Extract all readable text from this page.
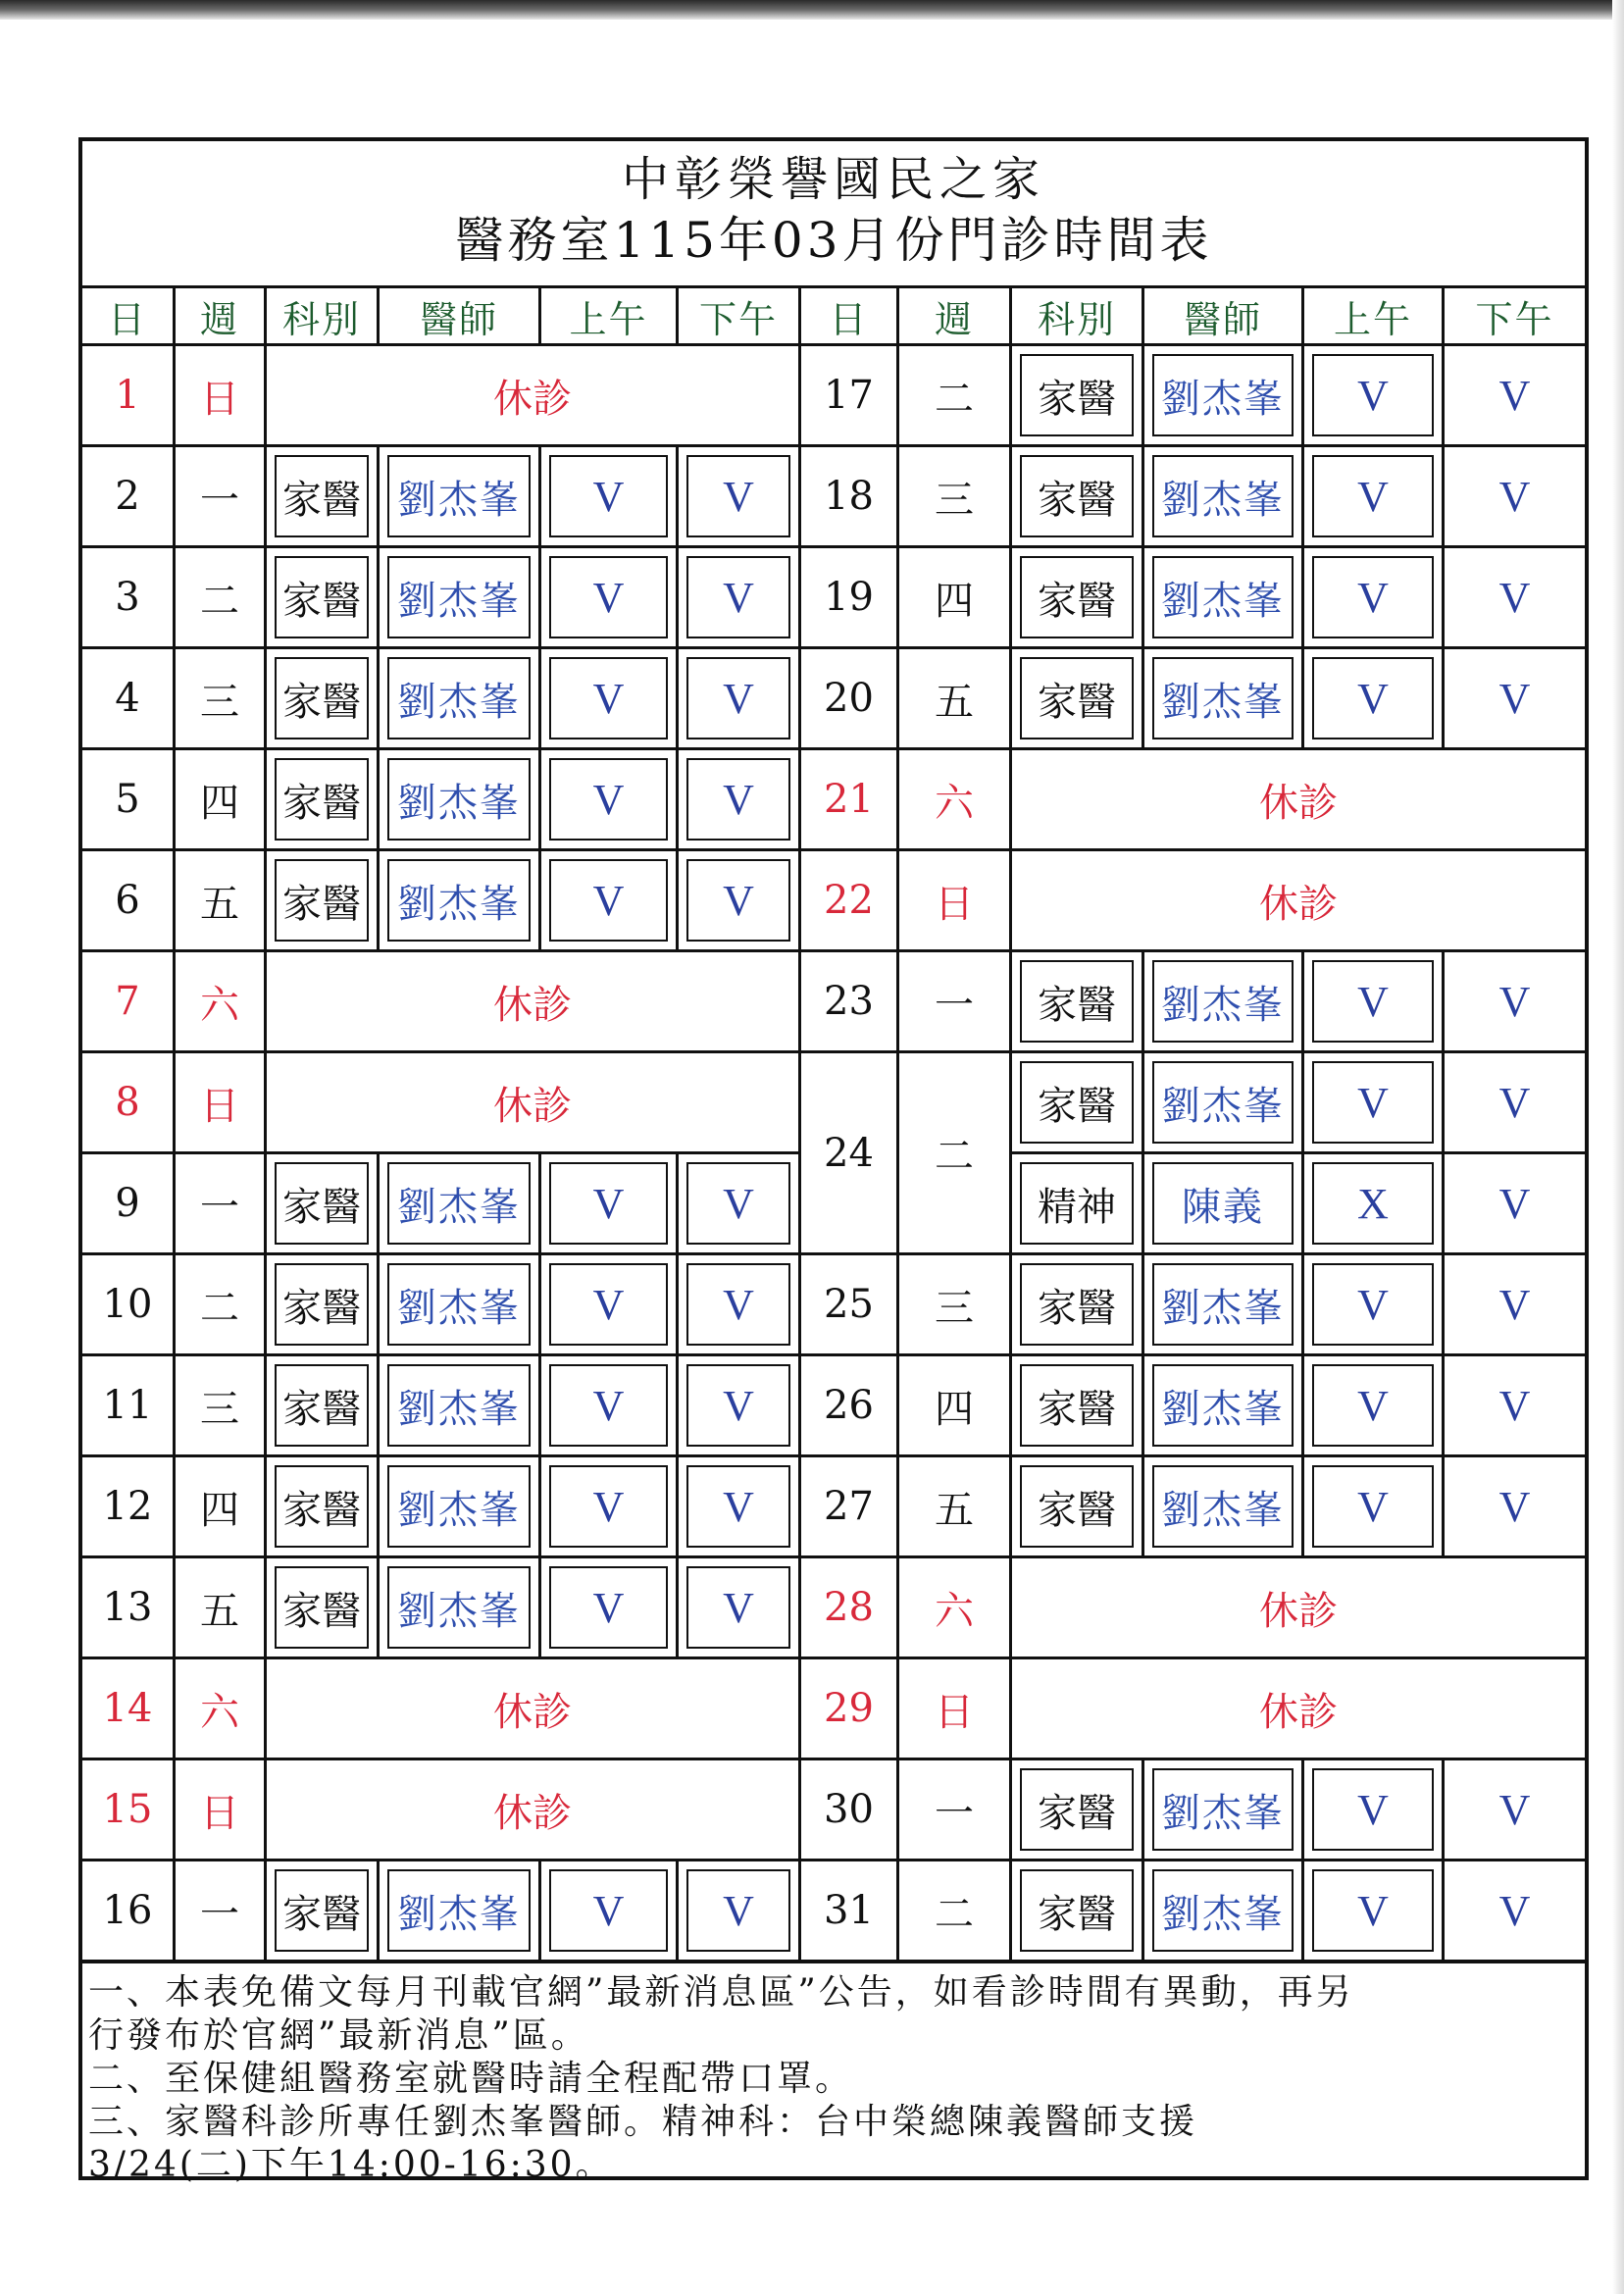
中彰榮譽國民之家
醫務室115年03月份門診時間表
日	週	科別	醫師	上午	下午	日	週	科別	醫師	上午	下午
1	日	休診				17	二	家醫	劉杰峯	V	V
2	一	家醫	劉杰峯	V	V	18	三	家醫	劉杰峯	V	V
3	二	家醫	劉杰峯	V	V	19	四	家醫	劉杰峯	V	V
4	三	家醫	劉杰峯	V	V	20	五	家醫	劉杰峯	V	V
5	四	家醫	劉杰峯	V	V	21	六	休診			
6	五	家醫	劉杰峯	V	V	22	日	休診			
7	六	休診				23	一	家醫	劉杰峯	V	V
8	日	休診				24	二	家醫	劉杰峯	V	V
9	一	家醫	劉杰峯	V	V			精神	陳義	X	V
10	二	家醫	劉杰峯	V	V	25	三	家醫	劉杰峯	V	V
11	三	家醫	劉杰峯	V	V	26	四	家醫	劉杰峯	V	V
12	四	家醫	劉杰峯	V	V	27	五	家醫	劉杰峯	V	V
13	五	家醫	劉杰峯	V	V	28	六	休診			
14	六	休診				29	日	休診			
15	日	休診				30	一	家醫	劉杰峯	V	V
16	一	家醫	劉杰峯	V	V	31	二	家醫	劉杰峯	V	V
一、本表免備文每月刊載官網”最新消息區”公告，如看診時間有異動，再另
行發布於官網”最新消息”區。
二、至保健組醫務室就醫時請全程配帶口罩。
三、家醫科診所專任劉杰峯醫師。精神科：台中榮總陳義醫師支援
3/24(二)下午14:00-16:30。
